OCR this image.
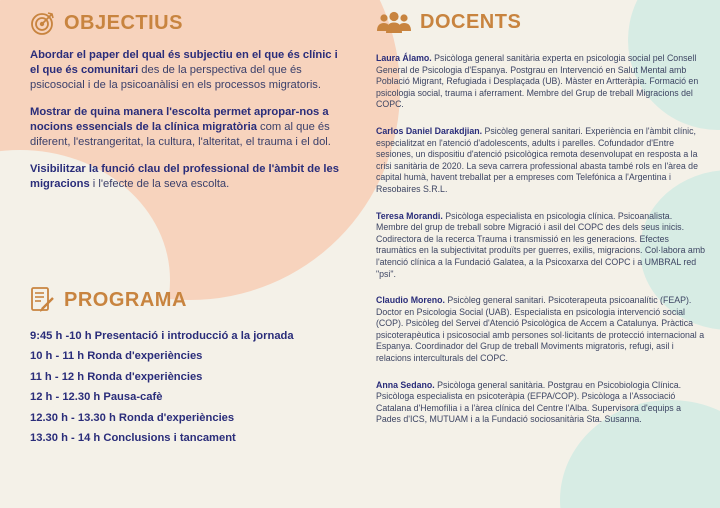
OBJECTIUS

Abordar el paper del qual és subjectiu en el que és clínic i el que és comunitari des de la perspectiva del que és psicosocial i de la psicoanàlisi en els processos migratoris.

Mostrar de quina manera l'escolta permet apropar-nos a nocions essencials de la clínica migratòria com al que és diferent, l'estrangeritat, la cultura, l'alteritat, el trauma i el dol.

Visibilitzar la funció clau del professional de l'àmbit de les migracions i l'efecte de la seva escolta.

PROGRAMA
9:45 h -10 h Presentació i introducció a la jornada
10 h - 11 h Ronda d'experiències
11 h - 12 h Ronda d'experiències
12 h - 12.30 h Pausa-cafè
12.30 h - 13.30 h Ronda d'experiències
13.30 h - 14 h Conclusions i tancament
DOCENTS

Laura Álamo. Psicòloga general sanitària experta en psicologia social pel Consell General de Psicologia d'Espanya. Postgrau en Intervenció en Salut Mental amb Població Migrant, Refugiada i Desplaçada (UB). Màster en Artteràpia. Formació en psicologia social, trauma i aferrament. Membre del Grup de treball Migracions del COPC.

Carlos Daniel Darakdjian. Psicòleg general sanitari. Experiència en l'àmbit clínic, especialitzat en l'atenció d'adolescents, adults i parelles. Cofundador d'Entre sesiones, un dispositiu d'atenció psicològica remota desenvolupat en resposta a la crisi sanitària de 2020. La seva carrera professional abasta també rols en l'àrea de capital humà, havent treballat per a empreses com Telefónica a l'Argentina i Resobaires S.R.L.

Teresa Morandi. Psicòloga especialista en psicologia clínica. Psicoanalista. Membre del grup de treball sobre Migració i asil del COPC des dels seus inicis. Codirectora de la recerca Trauma i transmissió en les generacions. Efectes traumàtics en la subjectivitat produïts per guerres, exilis, migracions. Col·labora amb l'atenció clínica a la Fundació Galatea, a la Psicoxarxa del COPC i a UMBRAL red "psi".

Claudio Moreno. Psicòleg general sanitari. Psicoterapeuta psicoanalític (FEAP). Doctor en Psicologia Social (UAB). Especialista en psicologia intervenció social (COP). Psicòleg del Servei d'Atenció Psicològica de Accem a Catalunya. Pràctica psicoterapèutica i psicosocial amb persones sol·licitants de protecció internacional a Espanya. Coordinador del Grup de treball Moviments migratoris, refugi, asil i relacions interculturals del COPC.

Anna Sedano. Psicòloga general sanitària. Postgrau en Psicobiologia Clínica. Psicòloga especialista en psicoteràpia (EFPA/COP). Psicòloga a l'Associació Catalana d'Hemofília i a l'àrea clínica del Centre l'Alba. Supervisora d'equips a Pades d'ICS, MUTUAM i a la Fundació sociosanitària Sta. Susanna.
